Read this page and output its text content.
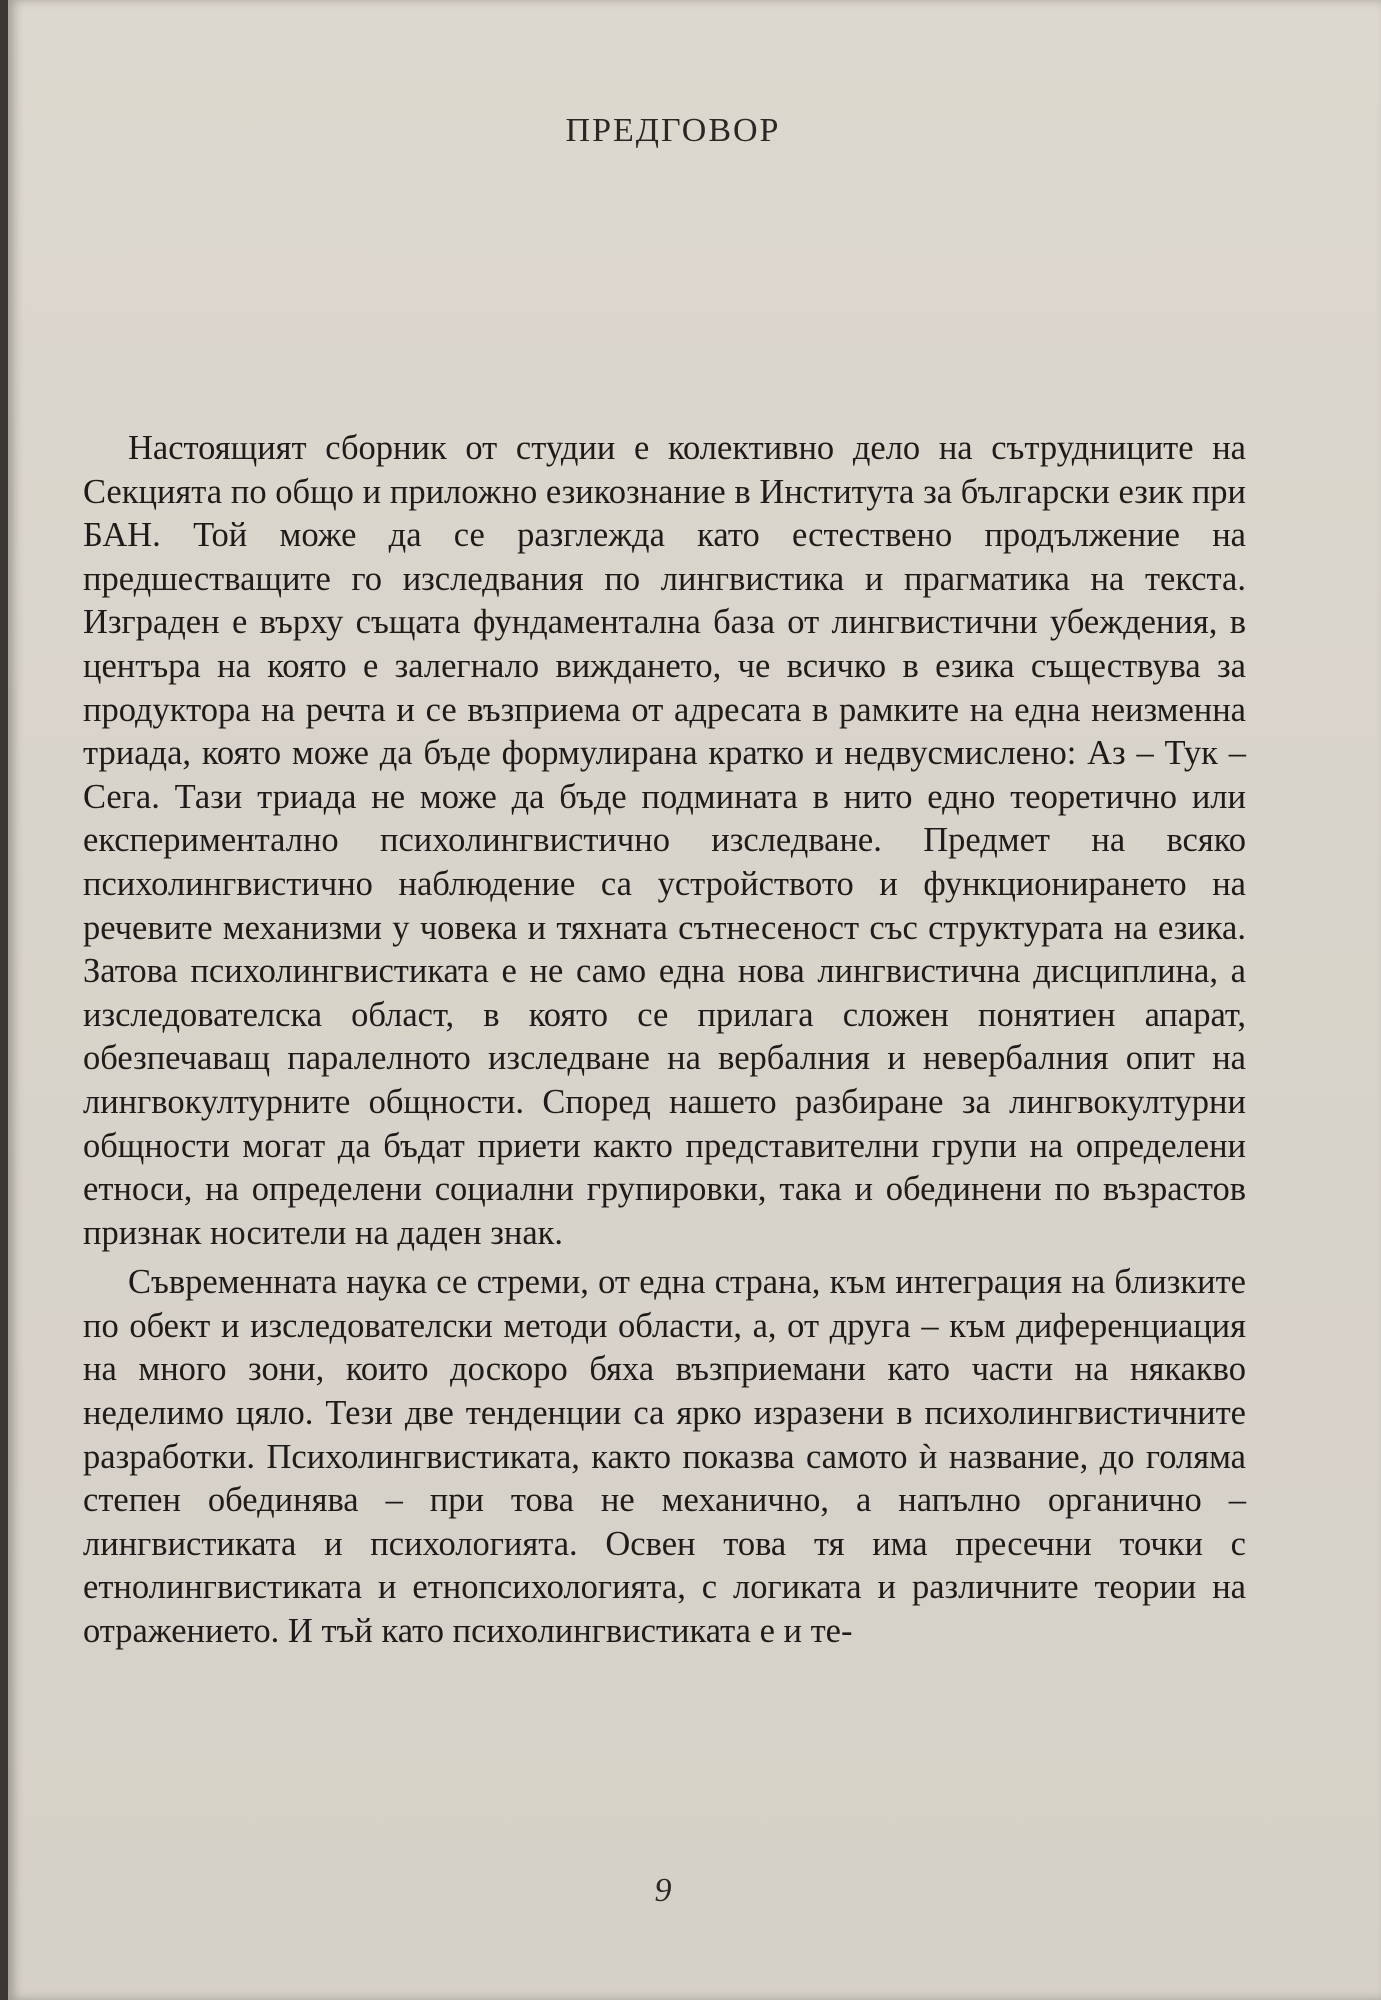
ПРЕДГОВОР

Настоящият сборник от студии е колективно дело на сътрудниците на Секцията по общо и приложно езикознание в Института за български език при БАН. Той може да се разглежда като естествено продължение на предшестващите го изследвания по лингвистика и прагматика на текста. Изграден е върху същата фундаментална база от лингвистични убеждения, в центъра на която е залегнало виждането, че всичко в езика съществува за продуктора на речта и се възприема от адресата в рамките на една неизменна триада, която може да бъде формулирана кратко и недвусмислено: Аз – Тук – Сега. Тази триада не може да бъде подмината в нито едно теоретично или експериментално психолингвистично изследване. Предмет на всяко психолингвистично наблюдение са устройството и функционирането на речевите механизми у човека и тяхната сътнесеност със структурата на езика. Затова психолингвистиката е не само една нова лингвистична дисциплина, а изследователска област, в която се прилага сложен понятиен апарат, обезпечаващ паралелното изследване на вербалния и невербалния опит на лингвокултурните общности. Според нашето разбиране за лингвокултурни общности могат да бъдат приети както представителни групи на определени етноси, на определени социални групировки, така и обединени по възрастов признак носители на даден знак.

Съвременната наука се стреми, от една страна, към интеграция на близките по обект и изследователски методи области, а, от друга – към диференциация на много зони, които доскоро бяха възприемани като части на някакво неделимо цяло. Тези две тенденции са ярко изразени в психолингвистичните разработки. Психолингвистиката, както показва самото ѝ название, до голяма степен обединява – при това не механично, а напълно органично – лингвистиката и психологията. Освен това тя има пресечни точки с етнолингвистиката и етнопсихологията, с логиката и различните теории на отражението. И тъй като психолингвистиката е и те-

9
